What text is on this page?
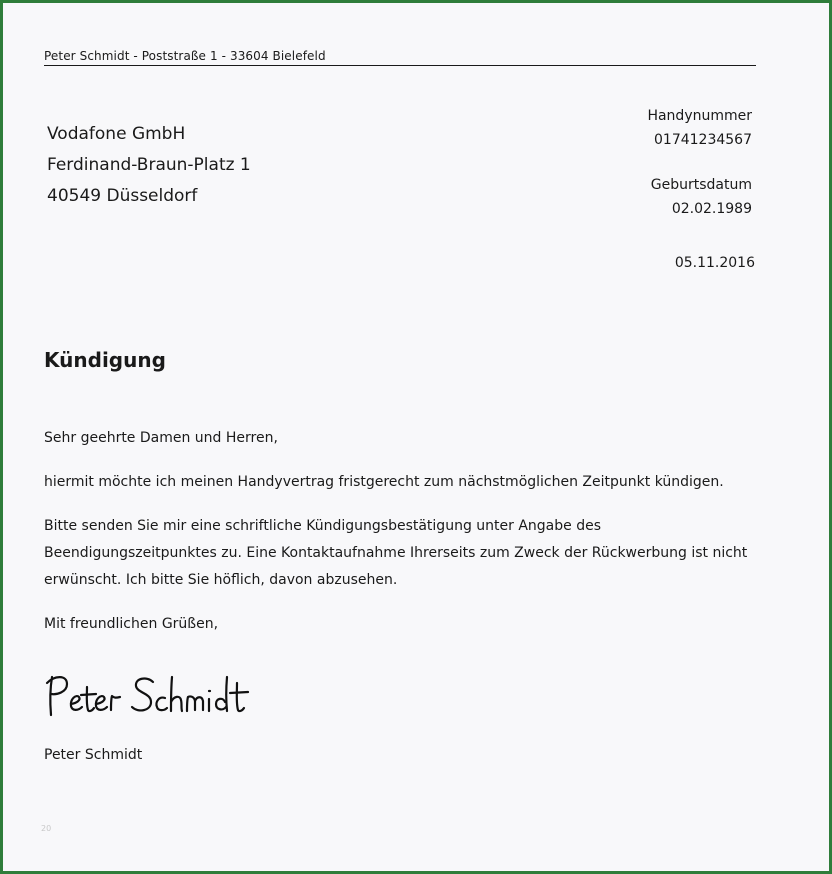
Peter Schmidt - Poststraße 1 - 33604 Bielefeld
Vodafone GmbH
Ferdinand-Braun-Platz 1
40549 Düsseldorf
Handynummer
01741234567
Geburtsdatum
02.02.1989
05.11.2016
Kündigung

Sehr geehrte Damen und Herren,

hiermit möchte ich meinen Handyvertrag fristgerecht zum nächstmöglichen Zeitpunkt kündigen.

Bitte senden Sie mir eine schriftliche Kündigungsbestätigung unter Angabe des
Beendigungszeitpunktes zu. Eine Kontaktaufnahme Ihrerseits zum Zweck der Rückwerbung ist nicht
erwünscht. Ich bitte Sie höflich, davon abzusehen.

Mit freundlichen Grüßen,

Peter Schmidt
20
